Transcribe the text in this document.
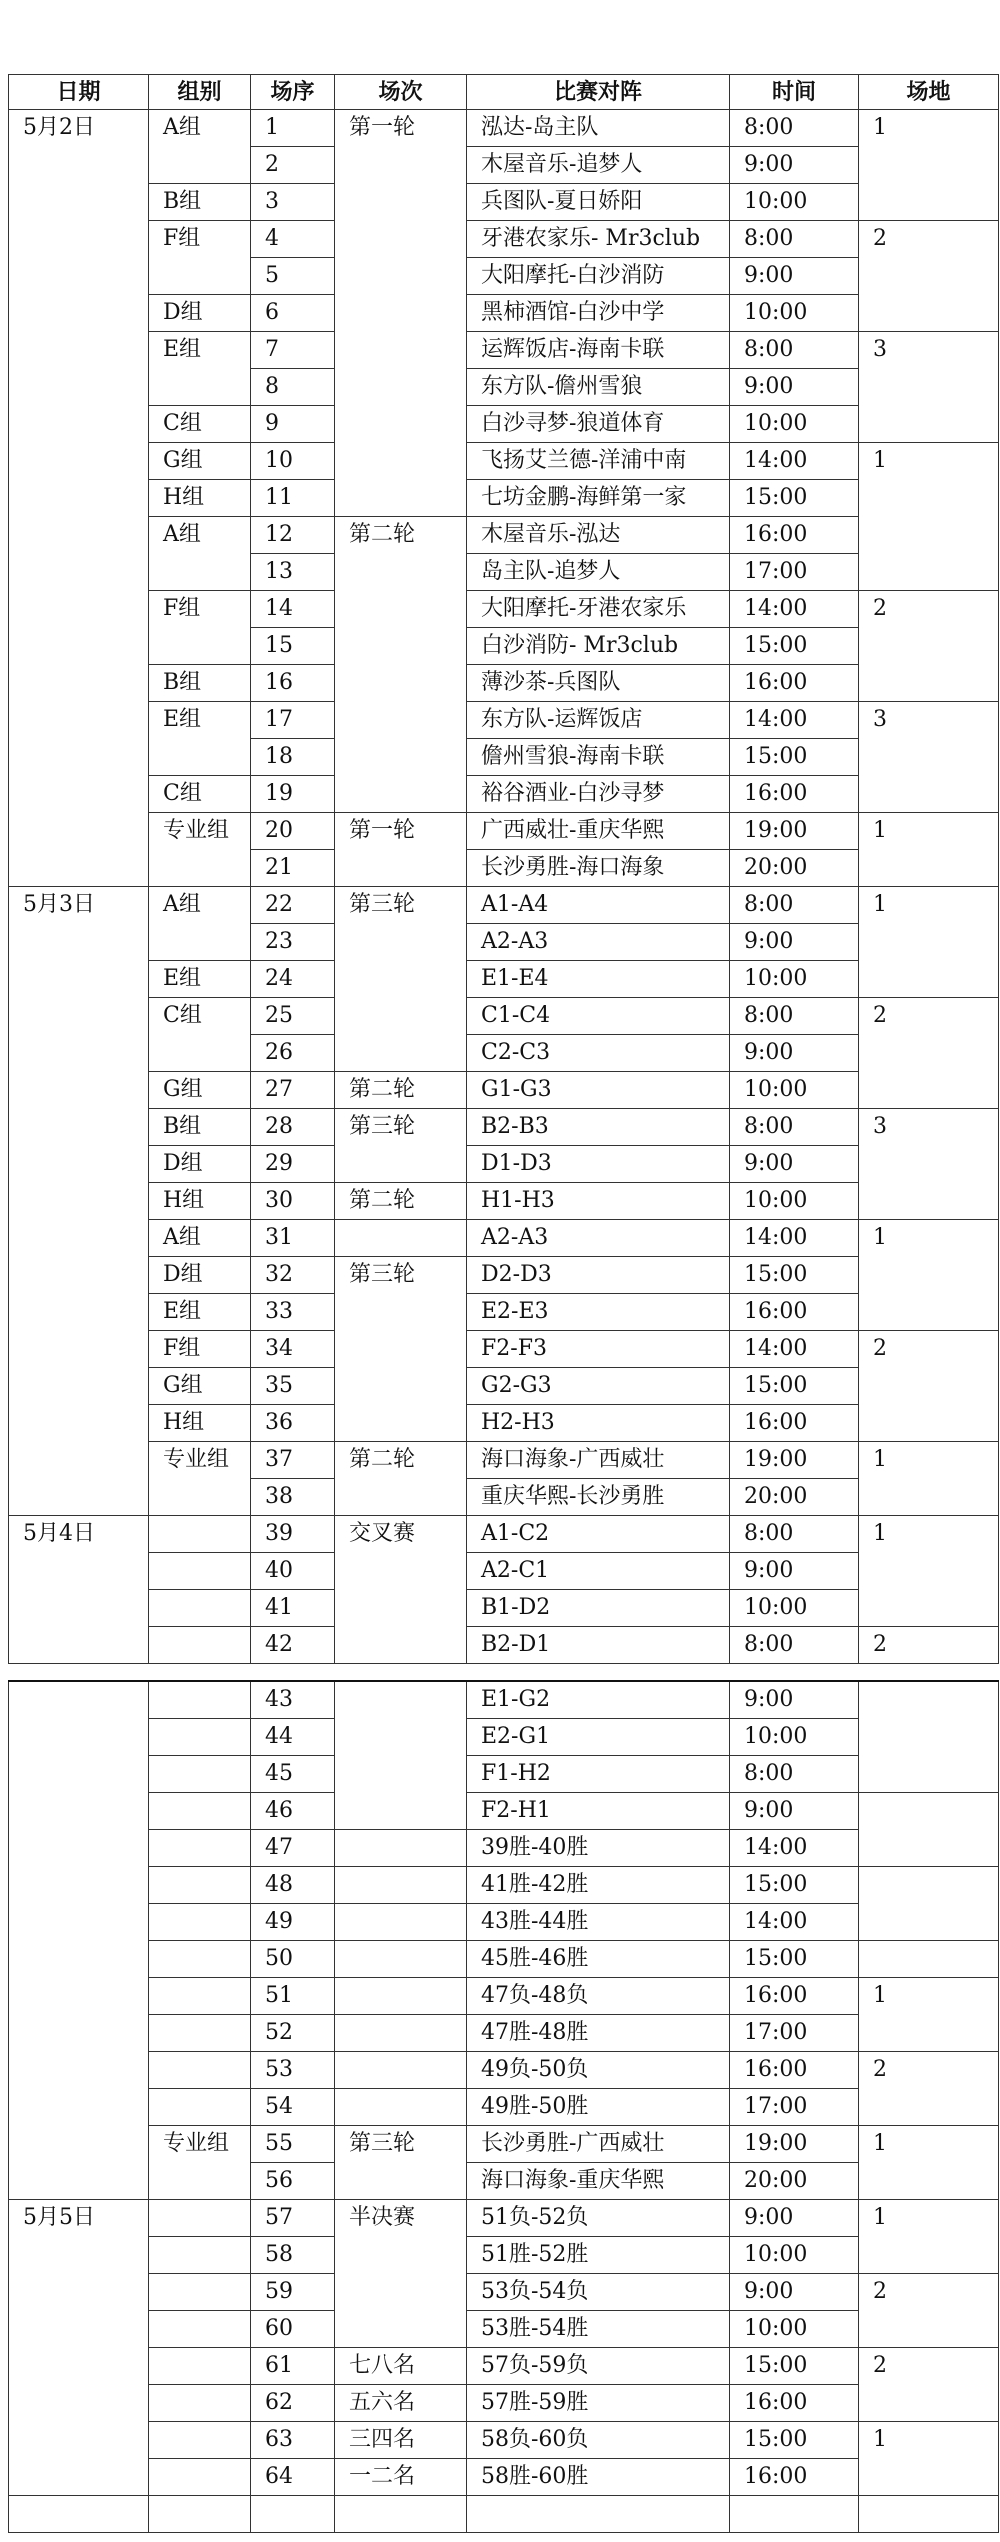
日期	组别	场序	场次	比赛对阵	时间	场地
5月2日	A组	1	第一轮	泓达-岛主队	8:00	1
		2		木屋音乐-追梦人	9:00	
	B组	3		兵图队-夏日娇阳	10:00	
	F组	4		牙港农家乐- Mr3club	8:00	2
		5		大阳摩托-白沙消防	9:00	
	D组	6		黑柿酒馆-白沙中学	10:00	
	E组	7		运辉饭店-海南卡联	8:00	3
		8		东方队-儋州雪狼	9:00	
	C组	9		白沙寻梦-狼道体育	10:00	
	G组	10		飞扬艾兰德-洋浦中南	14:00	1
	H组	11		七坊金鹏-海鲜第一家	15:00	
	A组	12	第二轮	木屋音乐-泓达	16:00	
		13		岛主队-追梦人	17:00	
	F组	14		大阳摩托-牙港农家乐	14:00	2
		15		白沙消防- Mr3club	15:00	
	B组	16		薄沙茶-兵图队	16:00	
	E组	17		东方队-运辉饭店	14:00	3
		18		儋州雪狼-海南卡联	15:00	
	C组	19		裕谷酒业-白沙寻梦	16:00	
	专业组	20	第一轮	广西威壮-重庆华熙	19:00	1
		21		长沙勇胜-海口海象	20:00	
5月3日	A组	22	第三轮	A1-A4	8:00	1
		23		A2-A3	9:00	
	E组	24		E1-E4	10:00	
	C组	25		C1-C4	8:00	2
		26		C2-C3	9:00	
	G组	27	第二轮	G1-G3	10:00	
	B组	28	第三轮	B2-B3	8:00	3
	D组	29		D1-D3	9:00	
	H组	30	第二轮	H1-H3	10:00	
	A组	31		A2-A3	14:00	1
	D组	32	第三轮	D2-D3	15:00	
	E组	33		E2-E3	16:00	
	F组	34		F2-F3	14:00	2
	G组	35		G2-G3	15:00	
	H组	36		H2-H3	16:00	
	专业组	37	第二轮	海口海象-广西威壮	19:00	1
		38		重庆华熙-长沙勇胜	20:00	
5月4日		39	交叉赛	A1-C2	8:00	1
		40		A2-C1	9:00	
		41		B1-D2	10:00	
		42		B2-D1	8:00	2
		43		E1-G2	9:00	
		44		E2-G1	10:00	
		45		F1-H2	8:00	
		46		F2-H1	9:00	
		47		39胜-40胜	14:00	
		48		41胜-42胜	15:00	
		49		43胜-44胜	14:00	
		50		45胜-46胜	15:00	
		51		47负-48负	16:00	1
		52		47胜-48胜	17:00	
		53		49负-50负	16:00	2
		54		49胜-50胜	17:00	
	专业组	55	第三轮	长沙勇胜-广西威壮	19:00	1
		56		海口海象-重庆华熙	20:00	
5月5日		57	半决赛	51负-52负	9:00	1
		58		51胜-52胜	10:00	
		59		53负-54负	9:00	2
		60		53胜-54胜	10:00	
		61	七八名	57负-59负	15:00	2
		62	五六名	57胜-59胜	16:00	
		63	三四名	58负-60负	15:00	1
		64	一二名	58胜-60胜	16:00	
